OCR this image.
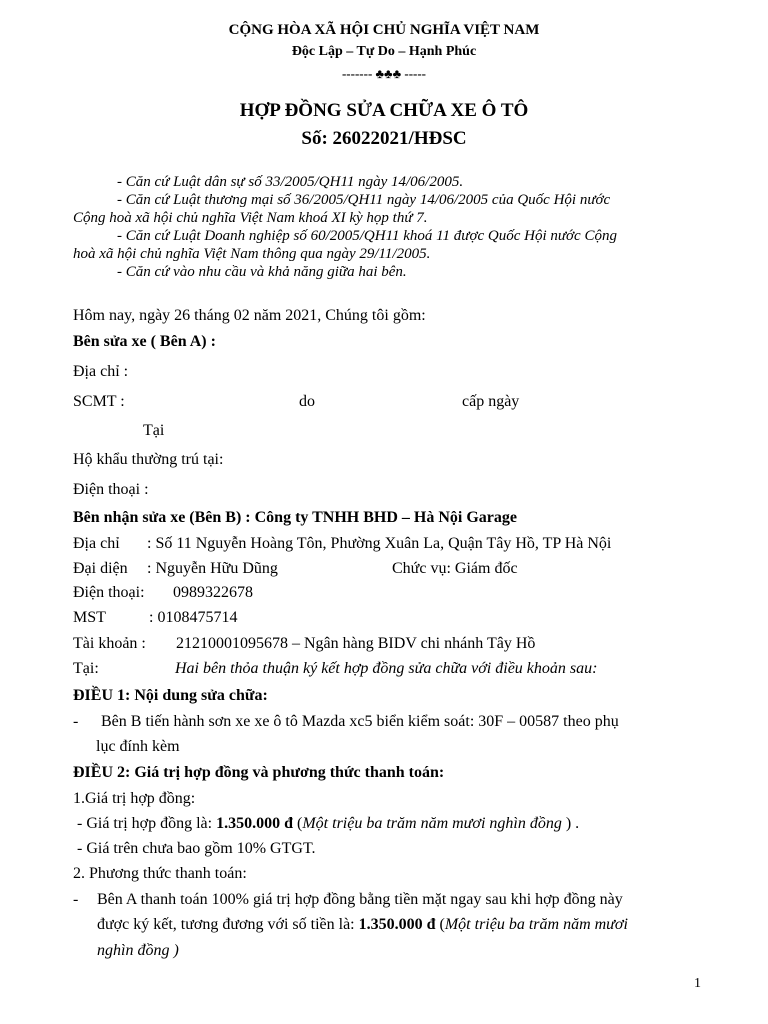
CỘNG HÒA XÃ HỘI CHỦ NGHĨA VIỆT NAM
Độc Lập – Tự Do – Hạnh Phúc
------- ♣♣♣ -----
HỢP ĐỒNG SỬA CHỮA XE Ô TÔ
Số: 26022021/HĐSC
- Căn cứ Luật dân sự số 33/2005/QH11 ngày 14/06/2005.
- Căn cứ Luật thương mại số 36/2005/QH11 ngày 14/06/2005 của Quốc Hội nước
Cộng hoà xã hội chủ nghĩa Việt Nam khoá XI kỳ họp thứ 7.
- Căn cứ Luật Doanh nghiệp số 60/2005/QH11 khoá 11 được Quốc Hội nước Cộng
hoà xã hội chủ nghĩa Việt Nam thông qua ngày 29/11/2005.
- Căn cứ vào nhu cầu và khả năng giữa hai bên.
Hôm nay, ngày 26 tháng 02 năm 2021, Chúng tôi gồm:
Bên sửa xe ( Bên A) :
Địa chỉ :
SCMT :	do	cấp ngày
Tại
Hộ khẩu thường trú tại:
Điện thoại :
Bên nhận sửa xe (Bên B) : Công ty TNHH BHD – Hà Nội Garage
Địa chỉ : Số 11 Nguyễn Hoàng Tôn, Phường Xuân La, Quận Tây Hồ, TP Hà Nội
Đại diện : Nguyễn Hữu Dũng	Chức vụ: Giám đốc
Điện thoại: 0989322678
MST	: 0108475714
Tài khoản : 21210001095678 – Ngân hàng BIDV chi nhánh Tây Hồ
Tại:	Hai bên thỏa thuận ký kết hợp đồng sửa chữa với điều khoản sau:
ĐIỀU 1: Nội dung sửa chữa:
- Bên B tiến hành sơn xe xe ô tô Mazda xc5 biển kiểm soát: 30F – 00587 theo phụ
lục đính kèm
ĐIỀU 2: Giá trị hợp đồng và phương thức thanh toán:
1.Giá trị hợp đồng:
- Giá trị hợp đồng là: 1.350.000 đ (Một triệu ba trăm năm mươi nghìn đồng ) .
- Giá trên chưa bao gồm 10% GTGT.
2. Phương thức thanh toán:
- Bên A thanh toán 100% giá trị hợp đồng bằng tiền mặt ngay sau khi hợp đồng này
được ký kết, tương đương với số tiền là: 1.350.000 đ (Một triệu ba trăm năm mươi
nghìn đồng )
1
